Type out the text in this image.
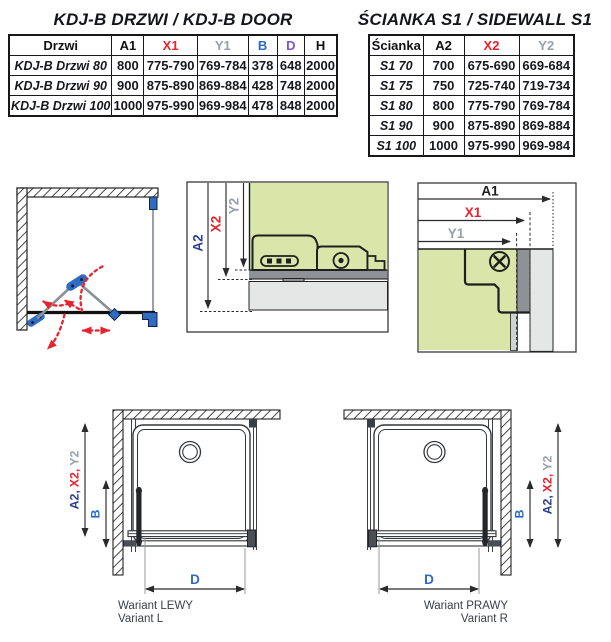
KDJ-B DRZWI / KDJ-B DOOR
Drzwi	A1	X1	Y1	B	D	H
KDJ-B Drzwi 80	800	775-790	769-784	378	648	2000
KDJ-B Drzwi 90	900	875-890	869-884	428	748	2000
KDJ-B Drzwi 100	1000	975-990	969-984	478	848	2000
ŚCIANKA S1 / SIDEWALL S1
Ścianka	A2	X2	Y2
S1 70	700	675-690	669-684
S1 75	750	725-740	719-734
S1 80	800	775-790	769-784
S1 90	900	875-890	869-884
S1 100	1000	975-990	969-984
A2
X2
Y2
A1
X1
Y1
A2,X2,Y2
B
D
B A2,X2,Y2
D
Wariant LEWY
Variant L
Wariant PRAWY
Variant R
